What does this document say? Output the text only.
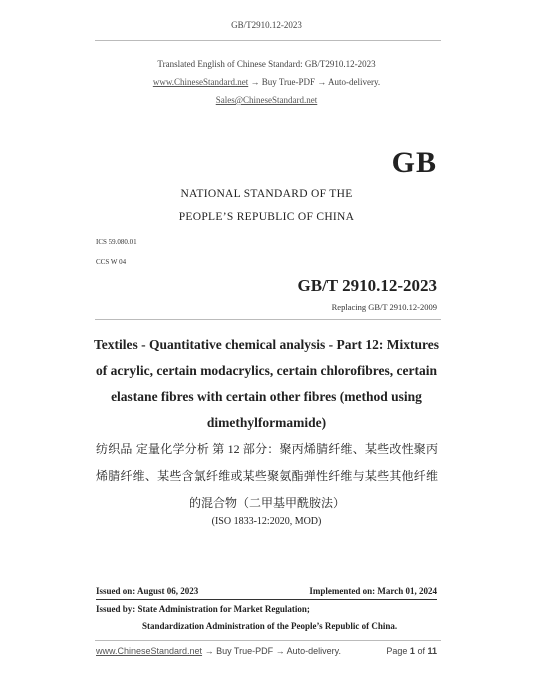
GB/T2910.12-2023
Translated English of Chinese Standard: GB/T2910.12-2023
www.ChineseStandard.net → Buy True-PDF → Auto-delivery.
Sales@ChineseStandard.net
GB
NATIONAL STANDARD OF THE
PEOPLE’S REPUBLIC OF CHINA
ICS 59.080.01
CCS W 04
GB/T 2910.12-2023
Replacing GB/T 2910.12-2009
Textiles - Quantitative chemical analysis - Part 12: Mixtures of acrylic, certain modacrylics, certain chlorofibres, certain elastane fibres with certain other fibres (method using dimethylformamide)
纺织品 定量化学分析 第 12 部分：聚丙烯腈纤维、某些改性聚丙烯腈纤维、某些含氯纤维或某些聚氨酯弹性纤维与某些其他纤维的混合物（二甲基甲酰胺法）
(ISO 1833-12:2020, MOD)
Issued on: August 06, 2023	Implemented on: March 01, 2024
Issued by: State Administration for Market Regulation;
Standardization Administration of the People’s Republic of China.
www.ChineseStandard.net → Buy True-PDF → Auto-delivery.	Page 1 of 11
